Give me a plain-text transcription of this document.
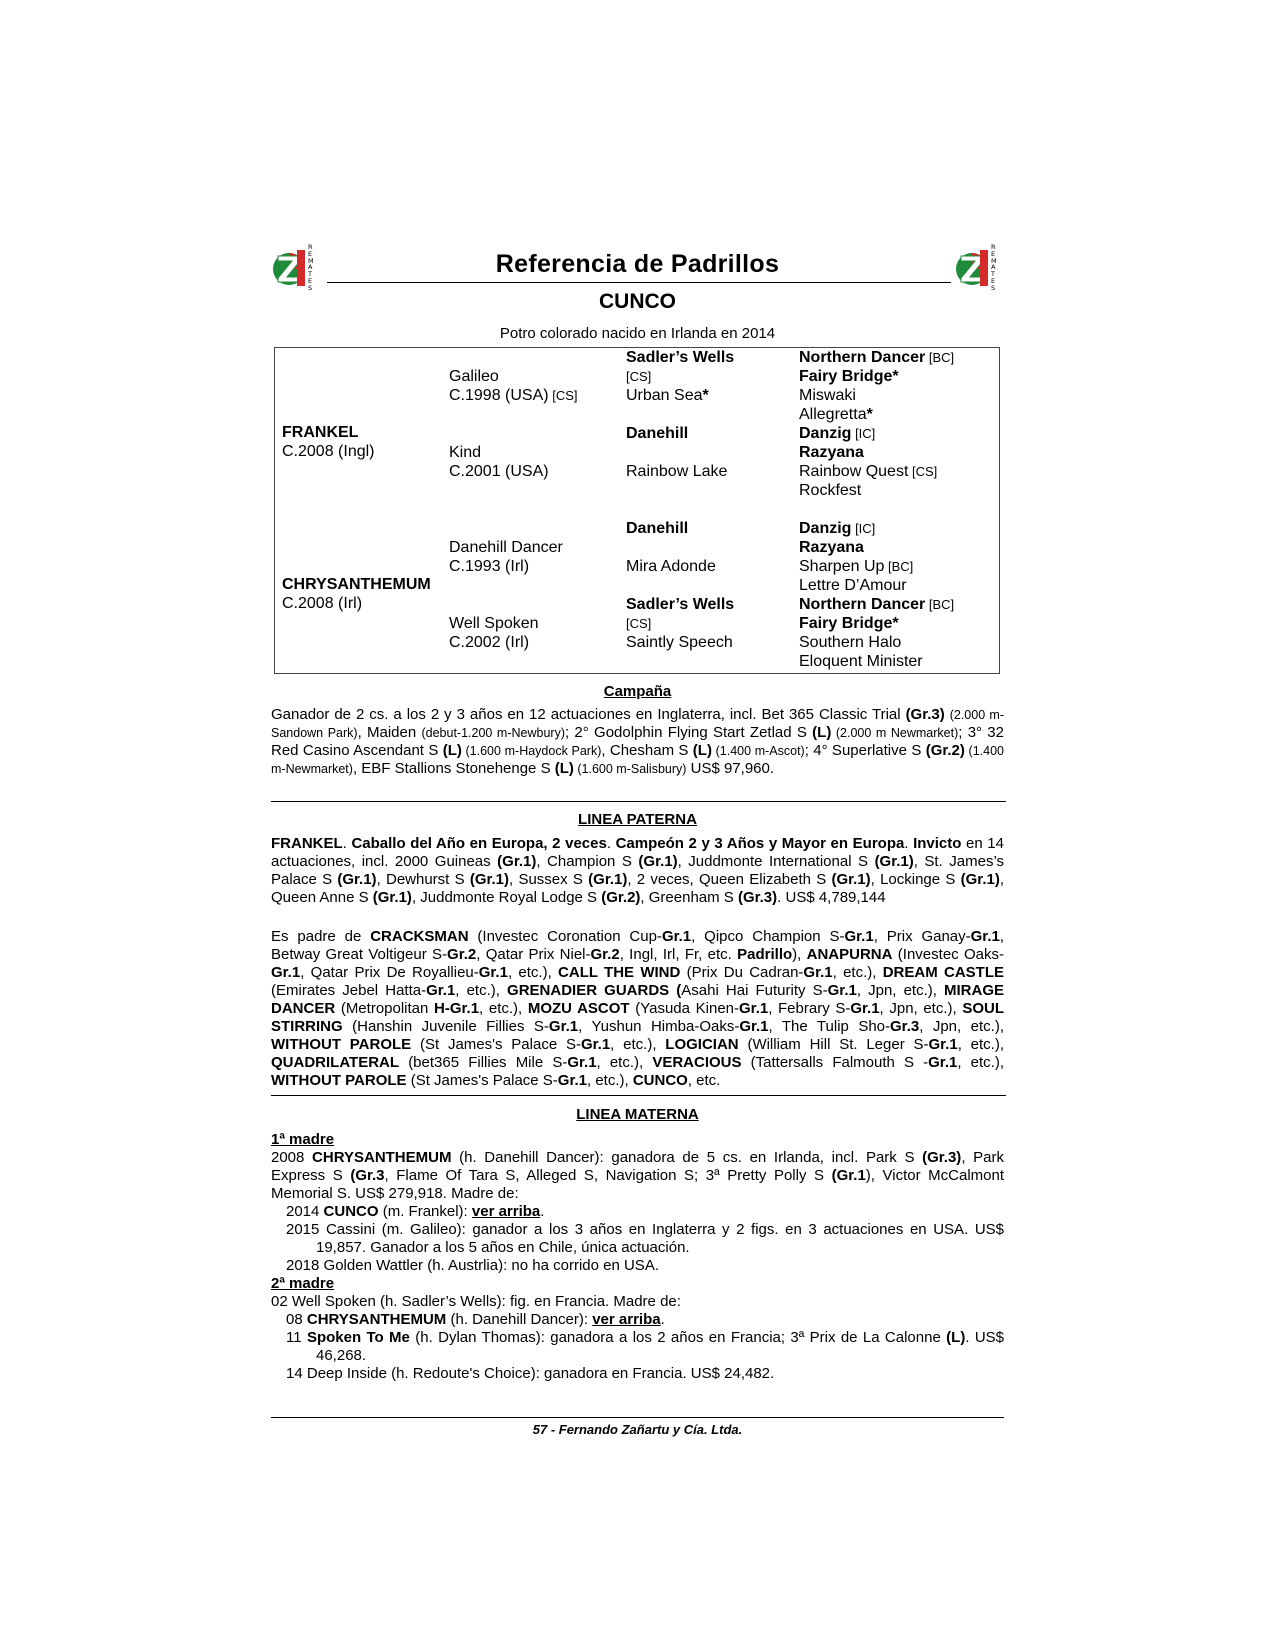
REMATES
REMATES
Referencia de Padrillos
CUNCO
Potro colorado nacido en Irlanda en 2014
FRANKEL
C.2008 (Ingl)
CHRYSANTHEMUM
C.2008 (Irl)
Galileo
C.1998 (USA) [CS]
Kind
C.2001 (USA)
Danehill Dancer
C.1993 (Irl)
Well Spoken
C.2002 (Irl)
Sadler’s Wells
[CS]
Urban Sea*
Danehill
Rainbow Lake
Danehill
Mira Adonde
Sadler’s Wells
[CS]
Saintly Speech
Northern Dancer [BC]
Fairy Bridge*
Miswaki
Allegretta*
Danzig [IC]
Razyana
Rainbow Quest [CS]
Rockfest
Danzig [IC]
Razyana
Sharpen Up [BC]
Lettre D’Amour
Northern Dancer [BC]
Fairy Bridge*
Southern Halo
Eloquent Minister
Campaña
Ganador de 2 cs. a los 2 y 3 años en 12 actuaciones en Inglaterra, incl. Bet 365 Classic Trial (Gr.3) (2.000 m-Sandown Park), Maiden (debut-1.200 m-Newbury); 2° Godolphin Flying Start Zetlad S (L) (2.000 m Newmarket); 3° 32 Red Casino Ascendant S (L) (1.600 m-Haydock Park), Chesham S (L) (1.400 m-Ascot); 4° Superlative S (Gr.2) (1.400 m-Newmarket), EBF Stallions Stonehenge S (L) (1.600 m-Salisbury) US$ 97,960.
LINEA PATERNA
FRANKEL. Caballo del Año en Europa, 2 veces. Campeón 2 y 3 Años y Mayor en Europa. Invicto en 14 actuaciones, incl. 2000 Guineas (Gr.1), Champion S (Gr.1), Juddmonte International S (Gr.1), St. James’s Palace S (Gr.1), Dewhurst S (Gr.1), Sussex S (Gr.1), 2 veces, Queen Elizabeth S (Gr.1), Lockinge S (Gr.1), Queen Anne S (Gr.1), Juddmonte Royal Lodge S (Gr.2), Greenham S (Gr.3). US$ 4,789,144
Es padre de CRACKSMAN (Investec Coronation Cup-Gr.1, Qipco Champion S-Gr.1, Prix Ganay-Gr.1, Betway Great Voltigeur S-Gr.2, Qatar Prix Niel-Gr.2, Ingl, Irl, Fr, etc. Padrillo), ANAPURNA (Investec Oaks-Gr.1, Qatar Prix De Royallieu-Gr.1, etc.), CALL THE WIND (Prix Du Cadran-Gr.1, etc.), DREAM CASTLE (Emirates Jebel Hatta-Gr.1, etc.), GRENADIER GUARDS (Asahi Hai Futurity S-Gr.1, Jpn, etc.), MIRAGE DANCER (Metropolitan H-Gr.1, etc.), MOZU ASCOT (Yasuda Kinen-Gr.1, Febrary S-Gr.1, Jpn, etc.), SOUL STIRRING (Hanshin Juvenile Fillies S-Gr.1, Yushun Himba-Oaks-Gr.1, The Tulip Sho-Gr.3, Jpn, etc.), WITHOUT PAROLE (St James's Palace S-Gr.1, etc.), LOGICIAN (William Hill St. Leger S-Gr.1, etc.), QUADRILATERAL (bet365 Fillies Mile S-Gr.1, etc.), VERACIOUS (Tattersalls Falmouth S -Gr.1, etc.), WITHOUT PAROLE (St James's Palace S-Gr.1, etc.), CUNCO, etc.
LINEA MATERNA
1ª madre
2008 CHRYSANTHEMUM (h. Danehill Dancer): ganadora de 5 cs. en Irlanda, incl. Park S (Gr.3), Park Express S (Gr.3, Flame Of Tara S, Alleged S, Navigation S; 3ª Pretty Polly S (Gr.1), Victor McCalmont Memorial S. US$ 279,918. Madre de:
2014 CUNCO (m. Frankel): ver arriba.
2015 Cassini (m. Galileo): ganador a los 3 años en Inglaterra y 2 figs. en 3 actuaciones en USA. US$ 19,857. Ganador a los 5 años en Chile, única actuación.
2018 Golden Wattler (h. Austrlia): no ha corrido en USA.
2ª madre
02 Well Spoken (h. Sadler’s Wells): fig. en Francia. Madre de:
08 CHRYSANTHEMUM (h. Danehill Dancer): ver arriba.
11 Spoken To Me (h. Dylan Thomas): ganadora a los 2 años en Francia; 3ª Prix de La Calonne (L). US$ 46,268.
14 Deep Inside (h. Redoute's Choice): ganadora en Francia. US$ 24,482.
57 - Fernando Zañartu y Cía. Ltda.
